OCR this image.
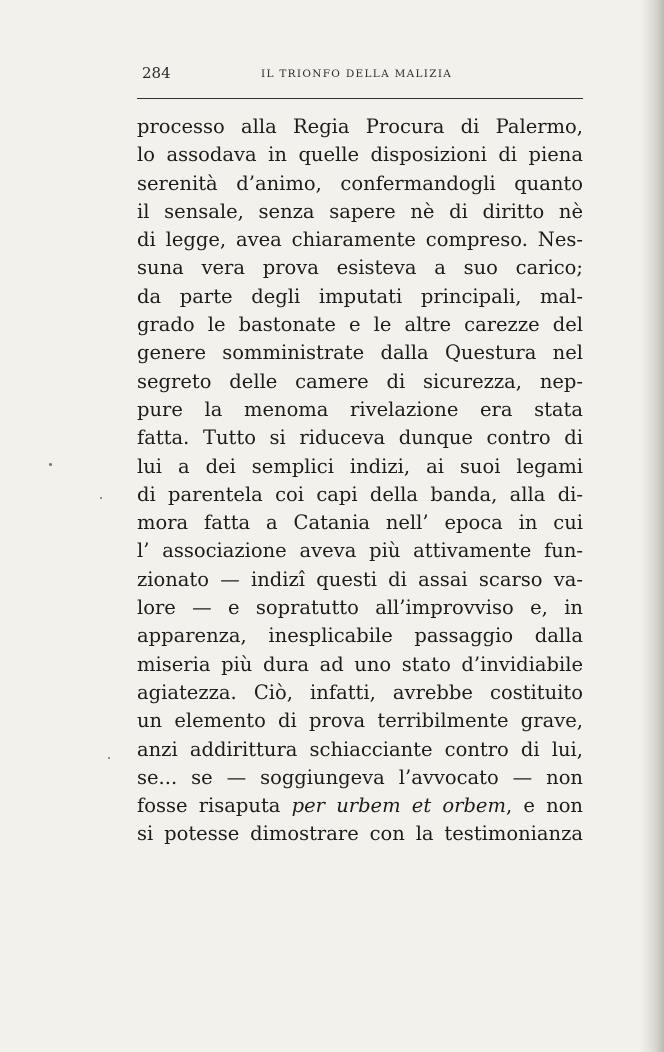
284	IL TRIONFO DELLA MALIZIA
processo alla Regia Procura di Palermo,
lo assodava in quelle disposizioni di piena
serenità d’animo, confermandogli quanto
il sensale, senza sapere nè di diritto nè
di legge, avea chiaramente compreso. Nes-
suna vera prova esisteva a suo carico;
da parte degli imputati principali, mal-
grado le bastonate e le altre carezze del
genere somministrate dalla Questura nel
segreto delle camere di sicurezza, nep-
pure la menoma rivelazione era stata
fatta. Tutto si riduceva dunque contro di
lui a dei semplici indizi, ai suoi legami
di parentela coi capi della banda, alla di-
mora fatta a Catania nell’ epoca in cui
l’ associazione aveva più attivamente fun-
zionato — indizî questi di assai scarso va-
lore — e sopratutto all’improvviso e, in
apparenza, inesplicabile passaggio dalla
miseria più dura ad uno stato d’invidiabile
agiatezza. Ciò, infatti, avrebbe costituito
un elemento di prova terribilmente grave,
anzi addirittura schiacciante contro di lui,
se... se — soggiungeva l’avvocato — non
fosse risaputa per urbem et orbem, e non
si potesse dimostrare con la testimonianza
